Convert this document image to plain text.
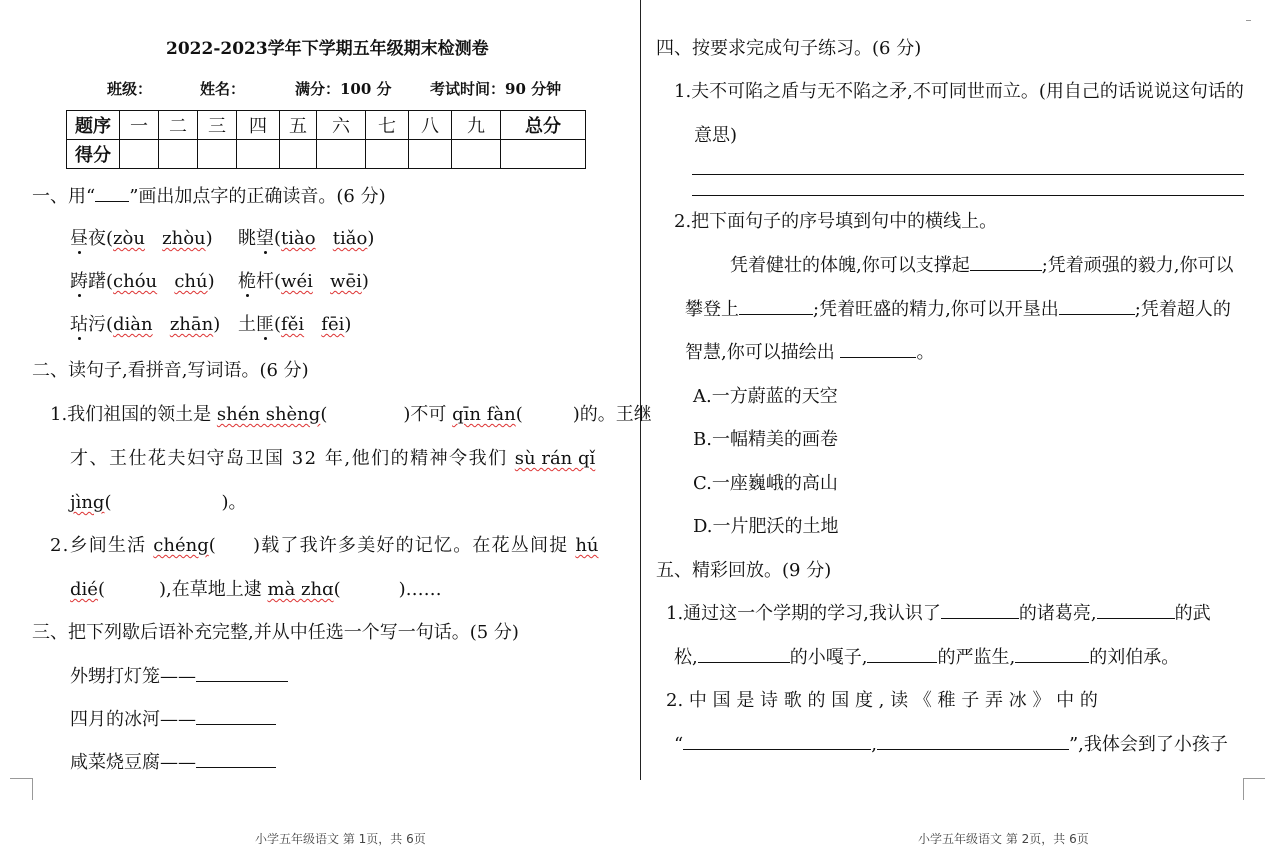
2022-2023学年下学期五年级期末检测卷
班级：	姓名：	满分：100 分	考试时间：90 分钟
题序	一	二	三	四	五	六	七	八	九	总分
得分										
一、用“ ”画出加点字的正确读音。(6 分)
昼夜(zòu zhòu) 眺望(tiào tiǎo)
踌躇(chóu chú) 桅杆(wéi wēi)
玷污(diàn zhān) 土匪(fěi fēi)
二、读句子,看拼音,写词语。(6 分)
1.我们祖国的领土是 shén shèng(	)不可 qīn fàn(	)的。王继
才、王仕花夫妇守岛卫国 32 年,他们的精神令我们 sù rán qǐ
jìng(	)。
2.乡间生活 chéng( )载了我许多美好的记忆。在花丛间捉 hú
dié(	),在草地上逮 mà zhɑ(	)……
三、把下列歇后语补充完整,并从中任选一个写一句话。(5 分)
外甥打灯笼——
四月的冰河——
咸菜烧豆腐——
小学五年级语文 第 1页，共 6页
四、按要求完成句子练习。(6 分)
1.夫不可陷之盾与无不陷之矛,不可同世而立。(用自己的话说说这句话的
意思)
2.把下面句子的序号填到句中的横线上。
凭着健壮的体魄,你可以支撑起	;凭着顽强的毅力,你可以
攀登上	;凭着旺盛的精力,你可以开垦出	;凭着超人的
智慧,你可以描绘出	。
A.一方蔚蓝的天空
B.一幅精美的画卷
C.一座巍峨的高山
D.一片肥沃的土地
五、精彩回放。(9 分)
1.通过这一个学期的学习,我认识了	的诸葛亮,	的武
松,	的小嘎子,	的严监生,	的刘伯承。
2. 中 国 是 诗 歌 的 国 度 , 读 《 稚 子 弄 冰 》 中 的
“	,	”,我体会到了小孩子
小学五年级语文 第 2页，共 6页
